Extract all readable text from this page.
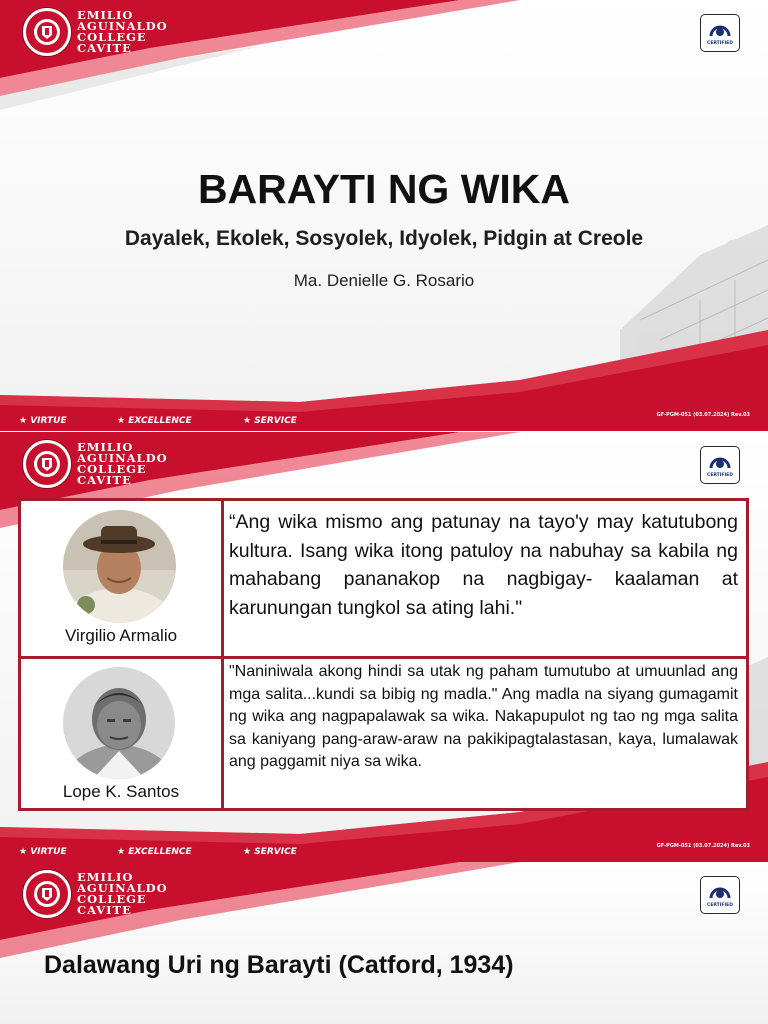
EMILIO
AGUINALDO
COLLEGE
CAVITE	CERTIFIED
BARAYTI NG WIKA
Dayalek, Ekolek, Sosyolek, Idyolek, Pidgin at Creole
Ma. Denielle G. Rosario
★ VIRTUE	★ EXCELLENCE	★ SERVICE
GF-PGM-051 (03.07.2024) Rev.03
EMILIO
AGUINALDO
COLLEGE
CAVITE	CERTIFIED
Virgilio Armalio
“Ang wika mismo ang patunay na tayo'y may katutubong kultura. Isang wika itong patuloy na nabuhay sa kabila ng mahabang pananakop na nagbigay- kaalaman at karunungan tungkol sa ating lahi."
Lope K. Santos
"Naniniwala akong hindi sa utak ng paham tumutubo at umuunlad ang mga salita...kundi sa bibig ng madla." Ang madla na siyang gumagamit ng wika ang nagpapalawak sa wika. Nakapupulot ng tao ng mga salita sa kaniyang pang-araw-araw na pakikipagtalastasan, kaya, lumalawak ang paggamit niya sa wika.
★ VIRTUE	★ EXCELLENCE	★ SERVICE
GF-PGM-051 (03.07.2024) Rev.03
EMILIO
AGUINALDO
COLLEGE
CAVITE	CERTIFIED
Dalawang Uri ng Barayti (Catford, 1934)
